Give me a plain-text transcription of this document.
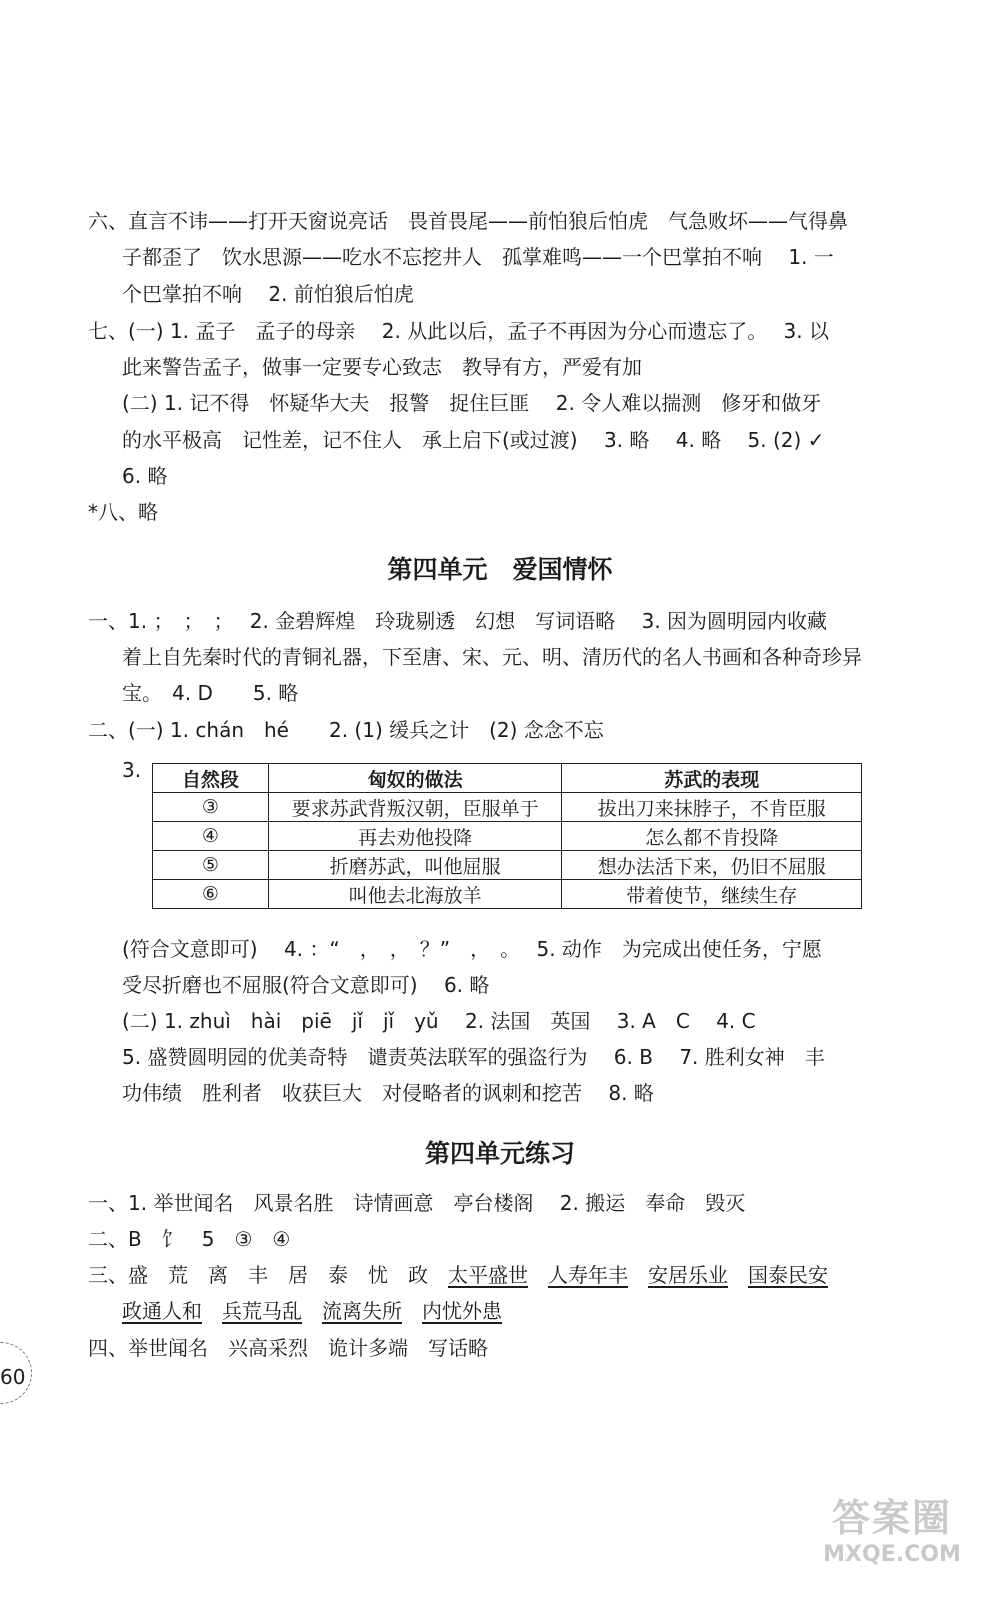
六、直言不讳——打开天窗说亮话　畏首畏尾——前怕狼后怕虎　气急败坏——气得鼻
子都歪了　饮水思源——吃水不忘挖井人　孤掌难鸣——一个巴掌拍不响　 1. 一
个巴掌拍不响　 2. 前怕狼后怕虎
七、(一) 1. 孟子　孟子的母亲　 2. 从此以后，孟子不再因为分心而遗忘了。　 3. 以
此来警告孟子，做事一定要专心致志　教导有方，严爱有加
(二) 1. 记不得　怀疑华大夫　报警　捉住巨匪　 2. 令人难以揣测　修牙和做牙
的水平极高　记性差，记不住人　承上启下(或过渡)　 3. 略　 4. 略　 5. (2) ✓
6. 略
*八、略
第四单元　爱国情怀
一、1. ；　；　；　 2. 金碧辉煌　玲珑剔透　幻想　写词语略　 3. 因为圆明园内收藏
着上自先秦时代的青铜礼器，下至唐、宋、元、明、清历代的名人书画和各种奇珍异
宝。　4. D　　5. 略
二、(一) 1. chán　hé　　2. (1) 缓兵之计　(2) 念念不忘
3. 自然段	匈奴的做法	苏武的表现
③	要求苏武背叛汉朝，臣服单于	拔出刀来抹脖子，不肯臣服
④	再去劝他投降	怎么都不肯投降
⑤	折磨苏武，叫他屈服	想办法活下来，仍旧不屈服
⑥	叫他去北海放羊	带着使节，继续生存
(符合文意即可)　 4. ：“　，　，　？”　，　。　 5. 动作　为完成出使任务，宁愿
受尽折磨也不屈服(符合文意即可)　 6. 略
(二) 1. zhuì　hài　piē　jǐ　jǐ　yǔ　 2. 法国　英国　 3. A　C　 4. C
5. 盛赞圆明园的优美奇特　谴责英法联军的强盗行为　 6. B　 7. 胜利女神　丰
功伟绩　胜利者　收获巨大　对侵略者的讽刺和挖苦　 8. 略
第四单元练习
一、1. 举世闻名　风景名胜　诗情画意　亭台楼阁　 2. 搬运　奉命　毁灭
二、B　饣　5　③　④
三、盛　荒　离　丰　居　泰　忧　政　太平盛世　 人寿年丰　 安居乐业　 国泰民安
政通人和　 兵荒马乱　 流离失所　 内忧外患
四、举世闻名　兴高采烈　诡计多端　写话略
60
答案圈
MXQE.COM
